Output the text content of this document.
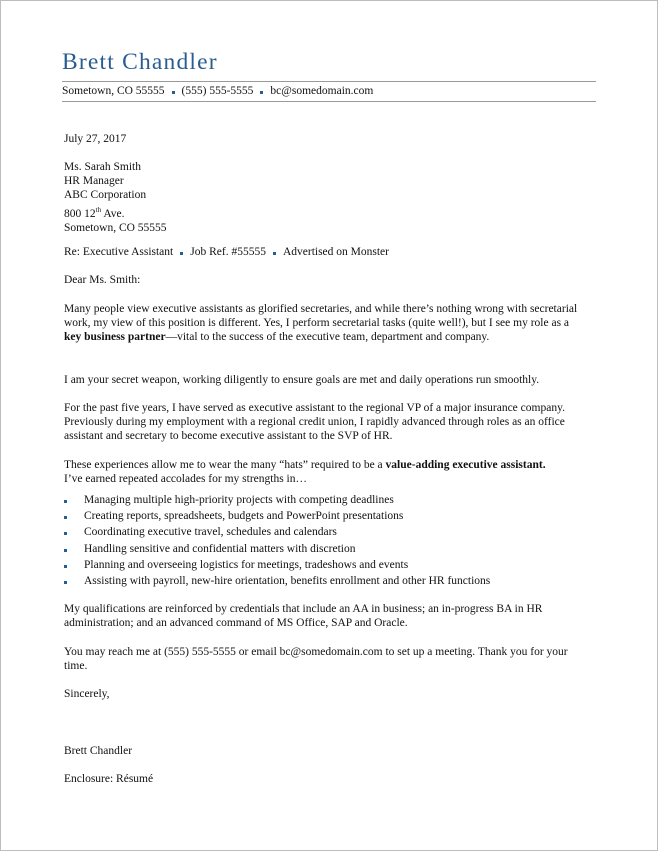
Brett Chandler
Sometown, CO 55555 (555) 555-5555 bc@somedomain.com
July 27, 2017
Ms. Sarah Smith
HR Manager
ABC Corporation
800 12th Ave.
Sometown, CO 55555
Re: Executive Assistant Job Ref. #55555 Advertised on Monster
Dear Ms. Smith:
Many people view executive assistants as glorified secretaries, and while there’s nothing wrong with secretarial work, my view of this position is different. Yes, I perform secretarial tasks (quite well!), but I see my role as a key business partner—vital to the success of the executive team, department and company.
I am your secret weapon, working diligently to ensure goals are met and daily operations run smoothly.
For the past five years, I have served as executive assistant to the regional VP of a major insurance company. Previously during my employment with a regional credit union, I rapidly advanced through roles as an office assistant and secretary to become executive assistant to the SVP of HR.
These experiences allow me to wear the many “hats” required to be a value-adding executive assistant.
I’ve earned repeated accolades for my strengths in…
Managing multiple high-priority projects with competing deadlines
Creating reports, spreadsheets, budgets and PowerPoint presentations
Coordinating executive travel, schedules and calendars
Handling sensitive and confidential matters with discretion
Planning and overseeing logistics for meetings, tradeshows and events
Assisting with payroll, new-hire orientation, benefits enrollment and other HR functions
My qualifications are reinforced by credentials that include an AA in business; an in-progress BA in HR administration; and an advanced command of MS Office, SAP and Oracle.
You may reach me at (555) 555-5555 or email bc@somedomain.com to set up a meeting. Thank you for your time.
Sincerely,
Brett Chandler
Enclosure: Résumé
